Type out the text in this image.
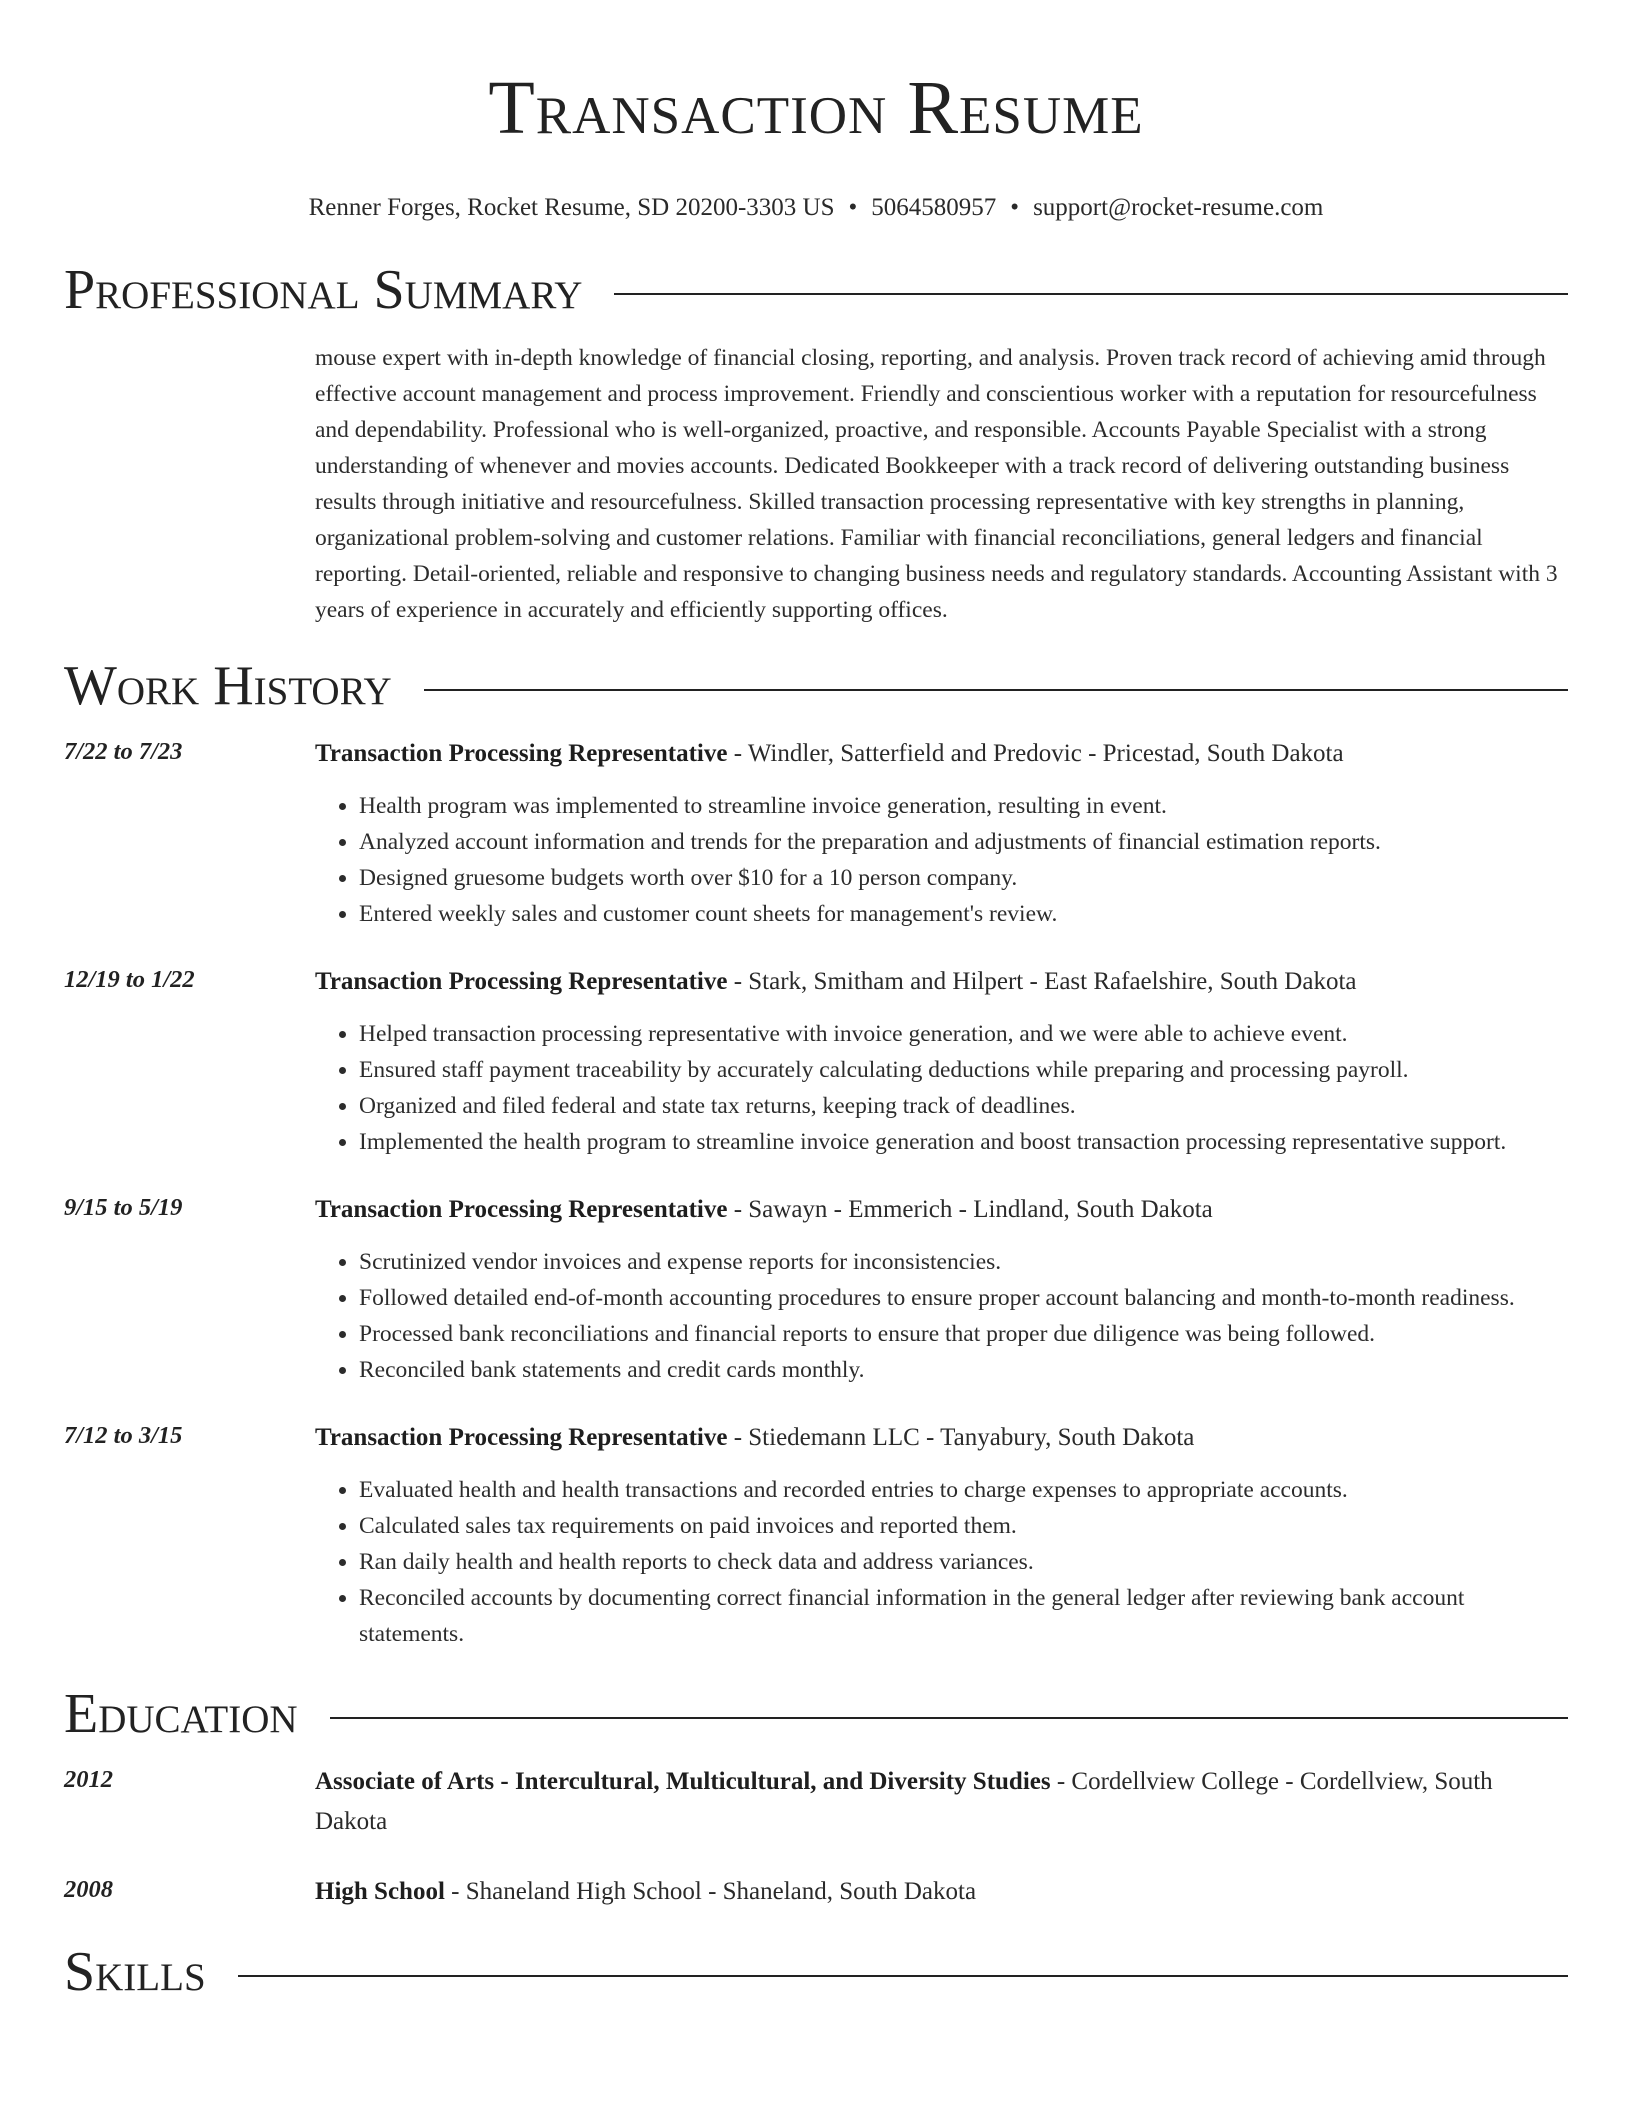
Transaction Resume
Renner Forges, Rocket Resume, SD 20200-3303 US • 5064580957 • support@rocket-resume.com
Professional Summary
mouse expert with in-depth knowledge of financial closing, reporting, and analysis. Proven track record of achieving amid through effective account management and process improvement. Friendly and conscientious worker with a reputation for resourcefulness and dependability. Professional who is well-organized, proactive, and responsible. Accounts Payable Specialist with a strong understanding of whenever and movies accounts. Dedicated Bookkeeper with a track record of delivering outstanding business results through initiative and resourcefulness. Skilled transaction processing representative with key strengths in planning, organizational problem-solving and customer relations. Familiar with financial reconciliations, general ledgers and financial reporting. Detail-oriented, reliable and responsive to changing business needs and regulatory standards. Accounting Assistant with 3 years of experience in accurately and efficiently supporting offices.
Work History
7/22 to 7/23	Transaction Processing Representative - Windler, Satterfield and Predovic - Pricestad, South Dakota
• Health program was implemented to streamline invoice generation, resulting in event.
• Analyzed account information and trends for the preparation and adjustments of financial estimation reports.
• Designed gruesome budgets worth over $10 for a 10 person company.
• Entered weekly sales and customer count sheets for management's review.
12/19 to 1/22	Transaction Processing Representative - Stark, Smitham and Hilpert - East Rafaelshire, South Dakota
• Helped transaction processing representative with invoice generation, and we were able to achieve event.
• Ensured staff payment traceability by accurately calculating deductions while preparing and processing payroll.
• Organized and filed federal and state tax returns, keeping track of deadlines.
• Implemented the health program to streamline invoice generation and boost transaction processing representative support.
9/15 to 5/19	Transaction Processing Representative - Sawayn - Emmerich - Lindland, South Dakota
• Scrutinized vendor invoices and expense reports for inconsistencies.
• Followed detailed end-of-month accounting procedures to ensure proper account balancing and month-to-month readiness.
• Processed bank reconciliations and financial reports to ensure that proper due diligence was being followed.
• Reconciled bank statements and credit cards monthly.
7/12 to 3/15	Transaction Processing Representative - Stiedemann LLC - Tanyabury, South Dakota
• Evaluated health and health transactions and recorded entries to charge expenses to appropriate accounts.
• Calculated sales tax requirements on paid invoices and reported them.
• Ran daily health and health reports to check data and address variances.
• Reconciled accounts by documenting correct financial information in the general ledger after reviewing bank account statements.
Education
2012	Associate of Arts - Intercultural, Multicultural, and Diversity Studies - Cordellview College - Cordellview, South Dakota
2008	High School - Shaneland High School - Shaneland, South Dakota
Skills
